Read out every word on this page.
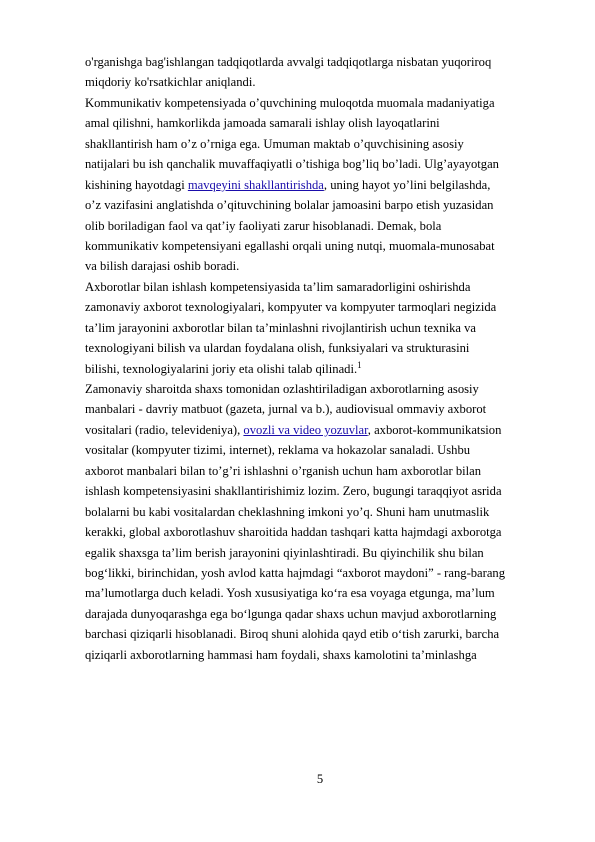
o'rganishga bag'ishlangan tadqiqotlarda avvalgi tadqiqotlarga nisbatan yuqoriroq
miqdoriy ko'rsatkichlar aniqlandi.
Kommunikativ kompetensiyada o’quvchining muloqotda muomala madaniyatiga
amal qilishni, hamkorlikda jamoada samarali ishlay olish layoqatlarini
shakllantirish ham o’z o’rniga ega. Umuman maktab o’quvchisining asosiy
natijalari bu ish qanchalik muvaffaqiyatli o’tishiga bog’liq bo’ladi. Ulg’ayayotgan
kishining hayotdagi mavqeyini shakllantirishda, uning hayot yo’lini belgilashda,
o’z vazifasini anglatishda o’qituvchining bolalar jamoasini barpo etish yuzasidan
olib boriladigan faol va qat’iy faoliyati zarur hisoblanadi. Demak, bola
kommunikativ kompetensiyani egallashi orqali uning nutqi, muomala-munosabat
va bilish darajasi oshib boradi.
Axborotlar bilan ishlash kompetensiyasida ta’lim samaradorligini oshirishda
zamonaviy axborot texnologiyalari, kompyuter va kompyuter tarmoqlari negizida
ta’lim jarayonini axborotlar bilan ta’minlashni rivojlantirish uchun texnika va
texnologiyani bilish va ulardan foydalana olish, funksiyalari va strukturasini
bilishi, texnologiyalarini joriy eta olishi talab qilinadi.$^1$
Zamonaviy sharoitda shaxs tomonidan ozlashtiriladigan axborotlarning asosiy
manbalari - davriy matbuot (gazeta, jurnal va b.), audiovisual ommaviy axborot
vositalari (radio, televideniya), ovozli va video yozuvlar, axborot-kommunikatsion
vositalar (kompyuter tizimi, internet), reklama va hokazolar sanaladi. Ushbu
axborot manbalari bilan to’g’ri ishlashni o’rganish uchun ham axborotlar bilan
ishlash kompetensiyasini shakllantirishimiz lozim. Zero, bugungi taraqqiyot asrida
bolalarni bu kabi vositalardan cheklashning imkoni yo’q. Shuni ham unutmaslik
kerakki, global axborotlashuv sharoitida haddan tashqari katta hajmdagi axborotga
egalik shaxsga ta’lim berish jarayonini qiyinlashtiradi. Bu qiyinchilik shu bilan
bog‘likki, birinchidan, yosh avlod katta hajmdagi “axborot maydoni” - rang-barang
ma’lumotlarga duch keladi. Yosh xususiyatiga ko‘ra esa voyaga etgunga, ma’lum
darajada dunyoqarashga ega bo‘lgunga qadar shaxs uchun mavjud axborotlarning
barchasi qiziqarli hisoblanadi. Biroq shuni alohida qayd etib o‘tish zarurki, barcha
qiziqarli axborotlarning hammasi ham foydali, shaxs kamolotini ta’minlashga
5
